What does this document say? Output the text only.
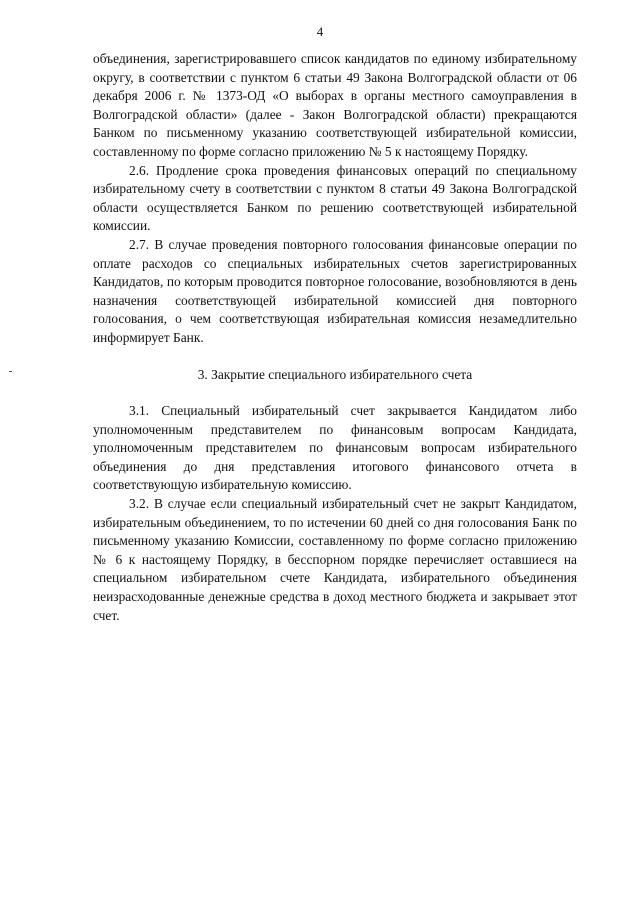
4

объединения, зарегистрировавшего список кандидатов по единому избирательному округу, в соответствии с пунктом 6 статьи 49 Закона Волгоградской области от 06 декабря 2006 г. № 1373-ОД «О выборах в органы местного самоуправления в Волгоградской области» (далее - Закон Волгоградской области) прекращаются Банком по письменному указанию соответствующей избирательной комиссии, составленному по форме согласно приложению № 5 к настоящему Порядку.

2.6. Продление срока проведения финансовых операций по специальному избирательному счету в соответствии с пунктом 8 статьи 49 Закона Волгоградской области осуществляется Банком по решению соответствующей избирательной комиссии.

2.7. В случае проведения повторного голосования финансовые операции по оплате расходов со специальных избирательных счетов зарегистрированных Кандидатов, по которым проводится повторное голосование, возобновляются в день назначения соответствующей избирательной комиссией дня повторного голосования, о чем соответствующая избирательная комиссия незамедлительно информирует Банк.

3. Закрытие специального избирательного счета

3.1. Специальный избирательный счет закрывается Кандидатом либо уполномоченным представителем по финансовым вопросам Кандидата, уполномоченным представителем по финансовым вопросам избирательного объединения до дня представления итогового финансового отчета в соответствующую избирательную комиссию.

3.2. В случае если специальный избирательный счет не закрыт Кандидатом, избирательным объединением, то по истечении 60 дней со дня голосования Банк по письменному указанию Комиссии, составленному по форме согласно приложению № 6 к настоящему Порядку, в бесспорном порядке перечисляет оставшиеся на специальном избирательном счете Кандидата, избирательного объединения неизрасходованные денежные средства в доход местного бюджета и закрывает этот счет.
